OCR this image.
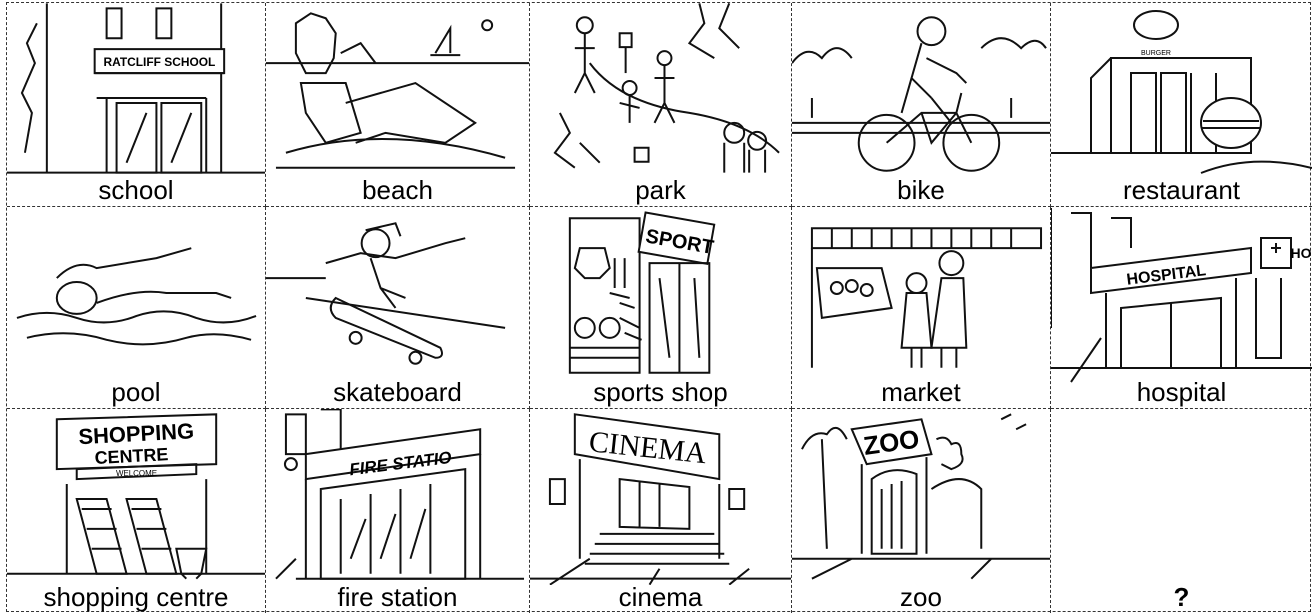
RATCLIFF SCHOOL
school	beach	park	bike
BURGER
restaurant
pool	skateboard
SPORT
sports shop	market
HOSPITAL
HO
hospital
SHOPPING
CENTRE
WELCOME
shopping centre
FIRE STATIO
fire station
CINEMA
cinema
ZOO
zoo	?
